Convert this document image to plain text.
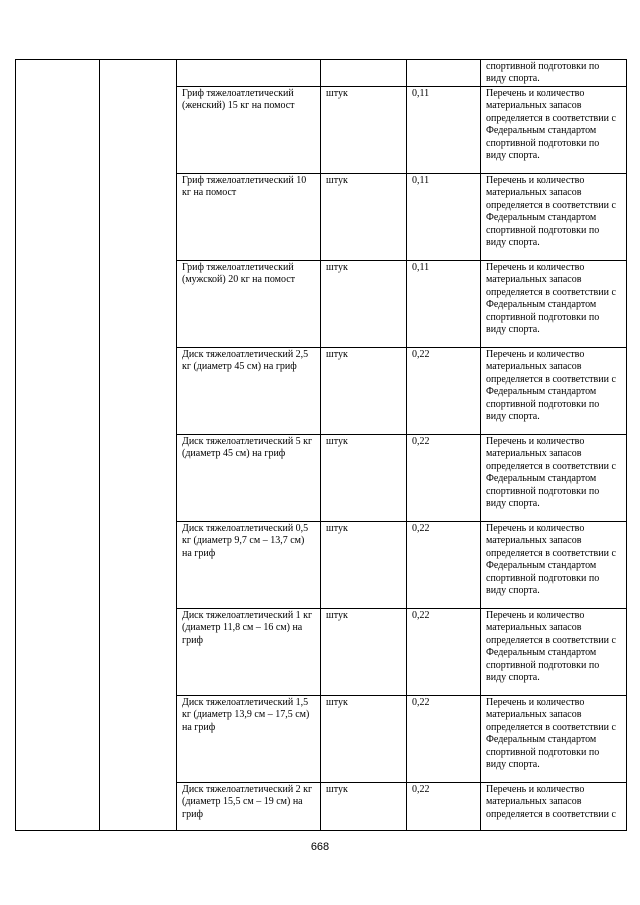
					спортивной подготовки по виду спорта.
		Гриф тяжелоатлетический (женский) 15 кг на помост	штук	0,11	Перечень и количество материальных запасов определяется в соответствии с Федеральным стандартом спортивной подготовки по виду спорта.
		Гриф тяжелоатлетический 10 кг на помост	штук	0,11	Перечень и количество материальных запасов определяется в соответствии с Федеральным стандартом спортивной подготовки по виду спорта.
		Гриф тяжелоатлетический (мужской) 20 кг на помост	штук	0,11	Перечень и количество материальных запасов определяется в соответствии с Федеральным стандартом спортивной подготовки по виду спорта.
		Диск тяжелоатлетический 2,5 кг (диаметр 45 см) на гриф	штук	0,22	Перечень и количество материальных запасов определяется в соответствии с Федеральным стандартом спортивной подготовки по виду спорта.
		Диск тяжелоатлетический 5 кг (диаметр 45 см) на гриф	штук	0,22	Перечень и количество материальных запасов определяется в соответствии с Федеральным стандартом спортивной подготовки по виду спорта.
		Диск тяжелоатлетический 0,5 кг (диаметр 9,7 см – 13,7 см) на гриф	штук	0,22	Перечень и количество материальных запасов определяется в соответствии с Федеральным стандартом спортивной подготовки по виду спорта.
		Диск тяжелоатлетический 1 кг (диаметр 11,8 см – 16 см) на гриф	штук	0,22	Перечень и количество материальных запасов определяется в соответствии с Федеральным стандартом спортивной подготовки по виду спорта.
		Диск тяжелоатлетический 1,5 кг (диаметр 13,9 см – 17,5 см) на гриф	штук	0,22	Перечень и количество материальных запасов определяется в соответствии с Федеральным стандартом спортивной подготовки по виду спорта.
		Диск тяжелоатлетический 2 кг (диаметр 15,5 см – 19 см) на гриф	штук	0,22	Перечень и количество материальных запасов определяется в соответствии с
668
